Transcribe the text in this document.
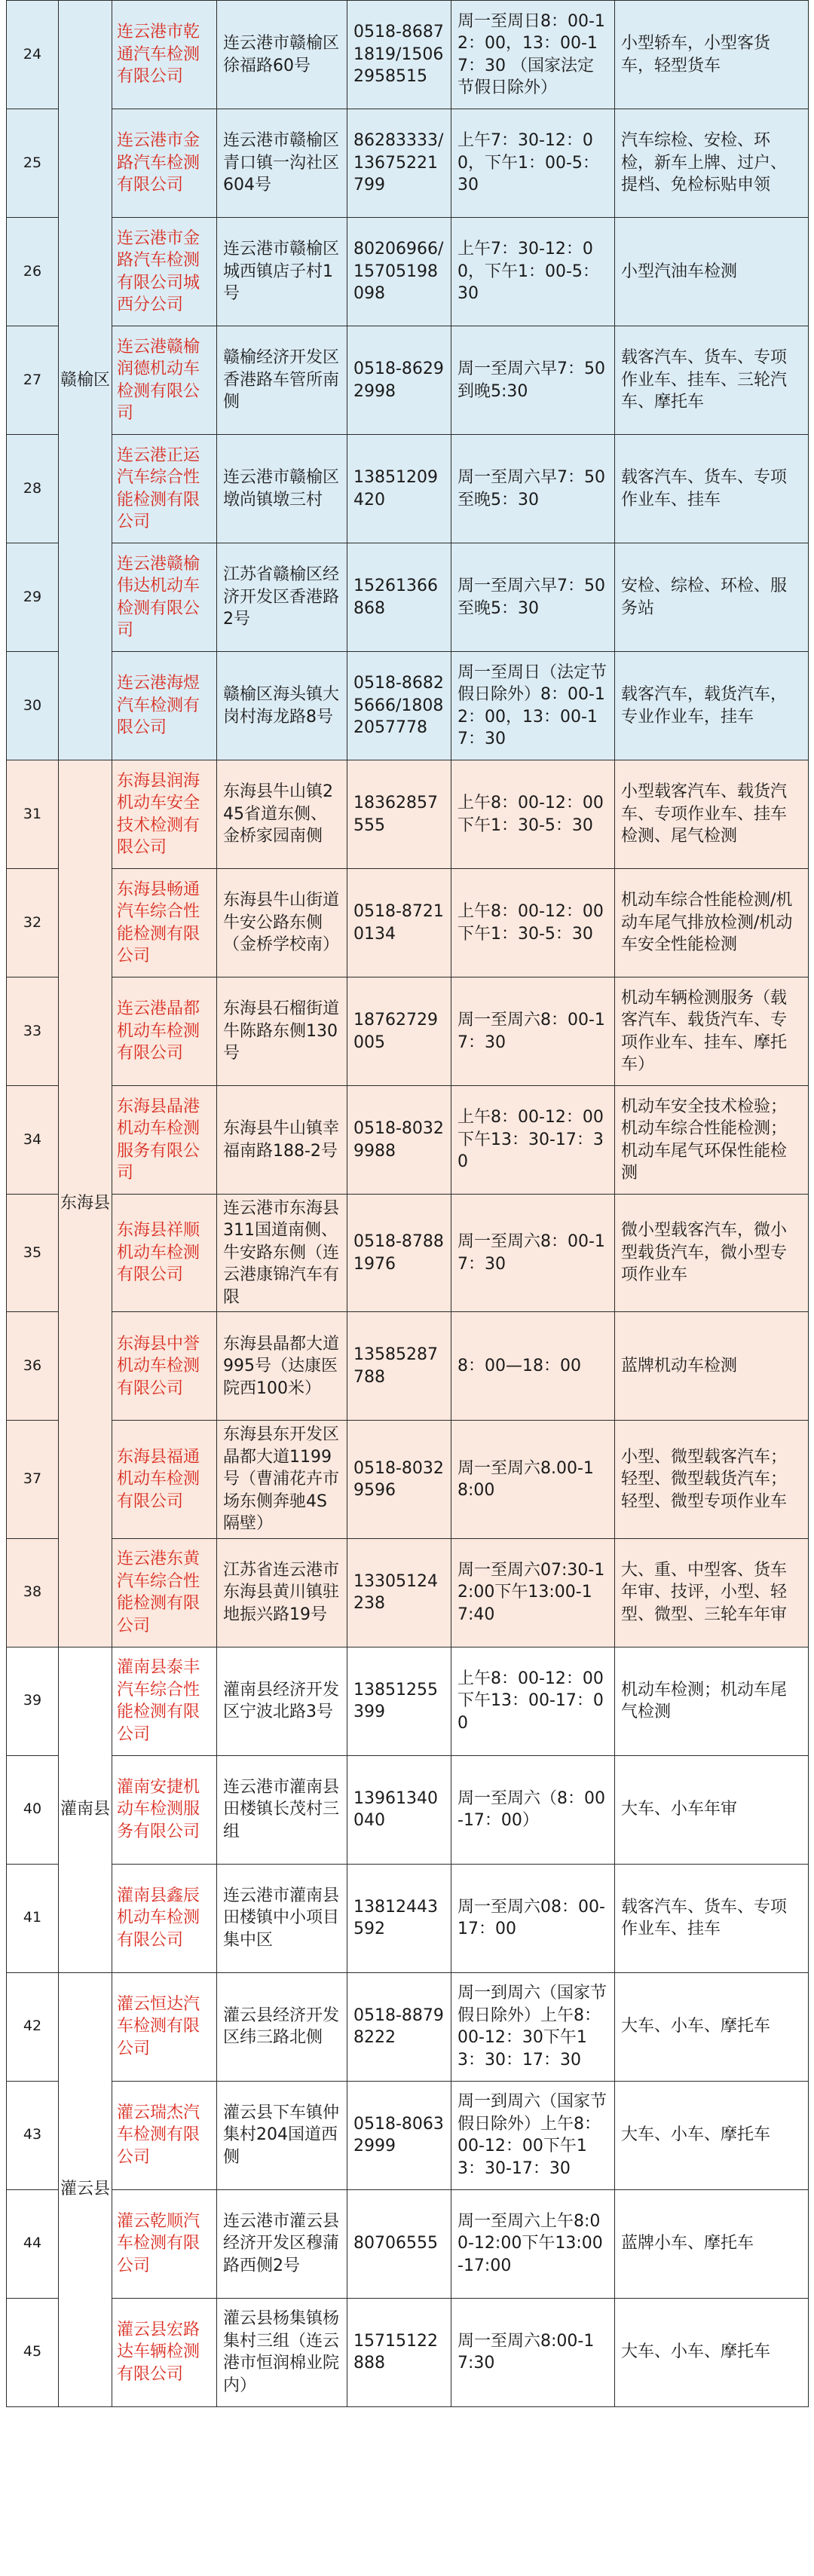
24	赣榆区	连云港市乾通汽车检测有限公司	连云港市赣榆区徐福路60号	0518-86871819/15062958515	周一至周日8：00-12：00，13：00-17：30 （国家法定节假日除外）	小型轿车，小型客货车，轻型货车
25		连云港市金路汽车检测有限公司	连云港市赣榆区青口镇一沟社区604号	86283333/13675221799	上午7：30-12：00，下午1：00-5：30	汽车综检、安检、环检，新车上牌、过户、提档、免检标贴申领
26		连云港市金路汽车检测有限公司城西分公司	连云港市赣榆区城西镇店子村1号	80206966/15705198098	上午7：30-12：00，下午1：00-5：30	小型汽油车检测
27		连云港赣榆润德机动车检测有限公司	赣榆经济开发区香港路车管所南侧	0518-86292998	周一至周六早7：50到晚5:30	载客汽车、货车、专项作业车、挂车、三轮汽车、摩托车
28		连云港正运汽车综合性能检测有限公司	连云港市赣榆区墩尚镇墩三村	13851209420	周一至周六早7：50至晚5：30	载客汽车、货车、专项作业车、挂车
29		连云港赣榆伟达机动车检测有限公司	江苏省赣榆区经济开发区香港路2号	15261366868	周一至周六早7：50至晚5：30	安检、综检、环检、服务站
30		连云港海煜汽车检测有限公司	赣榆区海头镇大岗村海龙路8号	0518-86825666/18082057778	周一至周日（法定节假日除外）8：00-12：00，13：00-17：30	载客汽车，载货汽车，专业作业车，挂车
31	东海县	东海县润海机动车安全技术检测有限公司	东海县牛山镇245省道东侧、金桥家园南侧	18362857555	上午8：00-12：00下午1：30-5：30	小型载客汽车、载货汽车、专项作业车、挂车检测、尾气检测
32		东海县畅通汽车综合性能检测有限公司	东海县牛山街道牛安公路东侧（金桥学校南）	0518-87210134	上午8：00-12：00下午1：30-5：30	机动车综合性能检测/机动车尾气排放检测/机动车安全性能检测
33		连云港晶都机动车检测有限公司	东海县石榴街道牛陈路东侧130号	18762729005	周一至周六8：00-17：30	机动车辆检测服务（载客汽车、载货汽车、专项作业车、挂车、摩托车）
34		东海县晶港机动车检测服务有限公司	东海县牛山镇幸福南路188-2号	0518-80329988	上午8：00-12：00下午13：30-17：30	机动车安全技术检验；机动车综合性能检测；机动车尾气环保性能检测
35		东海县祥顺机动车检测有限公司	连云港市东海县311国道南侧、牛安路东侧（连云港康锦汽车有限	0518-87881976	周一至周六8：00-17：30	微小型载客汽车，微小型载货汽车，微小型专项作业车
36		东海县中誉机动车检测有限公司	东海县晶都大道995号（达康医院西100米）	13585287788	8：00—18：00	蓝牌机动车检测
37		东海县福通机动车检测有限公司	东海县东开发区晶都大道1199号（曹浦花卉市场东侧奔驰4S隔壁）	0518-80329596	周一至周六8.00-18:00	小型、微型载客汽车；轻型、微型载货汽车；轻型、微型专项作业车
38		连云港东黄汽车综合性能检测有限公司	江苏省连云港市东海县黄川镇驻地振兴路19号	13305124238	周一至周六07:30-12:00下午13:00-17:40	大、重、中型客、货车年审、技评，小型、轻型、微型、三轮车年审
39	灌南县	灌南县泰丰汽车综合性能检测有限公司	灌南县经济开发区宁波北路3号	13851255399	上午8：00-12：00下午13：00-17：00	机动车检测；机动车尾气检测
40		灌南安捷机动车检测服务有限公司	连云港市灌南县田楼镇长茂村三组	13961340040	周一至周六（8：00-17：00）	大车、小车年审
41		灌南县鑫辰机动车检测有限公司	连云港市灌南县田楼镇中小项目集中区	13812443592	周一至周六08：00-17：00	载客汽车、货车、专项作业车、挂车
42	灌云县	灌云恒达汽车检测有限公司	灌云县经济开发区纬三路北侧	0518-88798222	周一到周六（国家节假日除外）上午8：00-12：30下午13：30：17：30	大车、小车、摩托车
43		灌云瑞杰汽车检测有限公司	灌云县下车镇仲集村204国道西侧	0518-80632999	周一到周六（国家节假日除外）上午8：00-12：00下午13：30-17：30	大车、小车、摩托车
44		灌云乾顺汽车检测有限公司	连云港市灌云县经济开发区穆蒲路西侧2号	80706555	周一至周六上午8:00-12:00下午13:00-17:00	蓝牌小车、摩托车
45		灌云县宏路达车辆检测有限公司	灌云县杨集镇杨集村三组（连云港市恒润棉业院内）	15715122888	周一至周六8:00-17:30	大车、小车、摩托车
